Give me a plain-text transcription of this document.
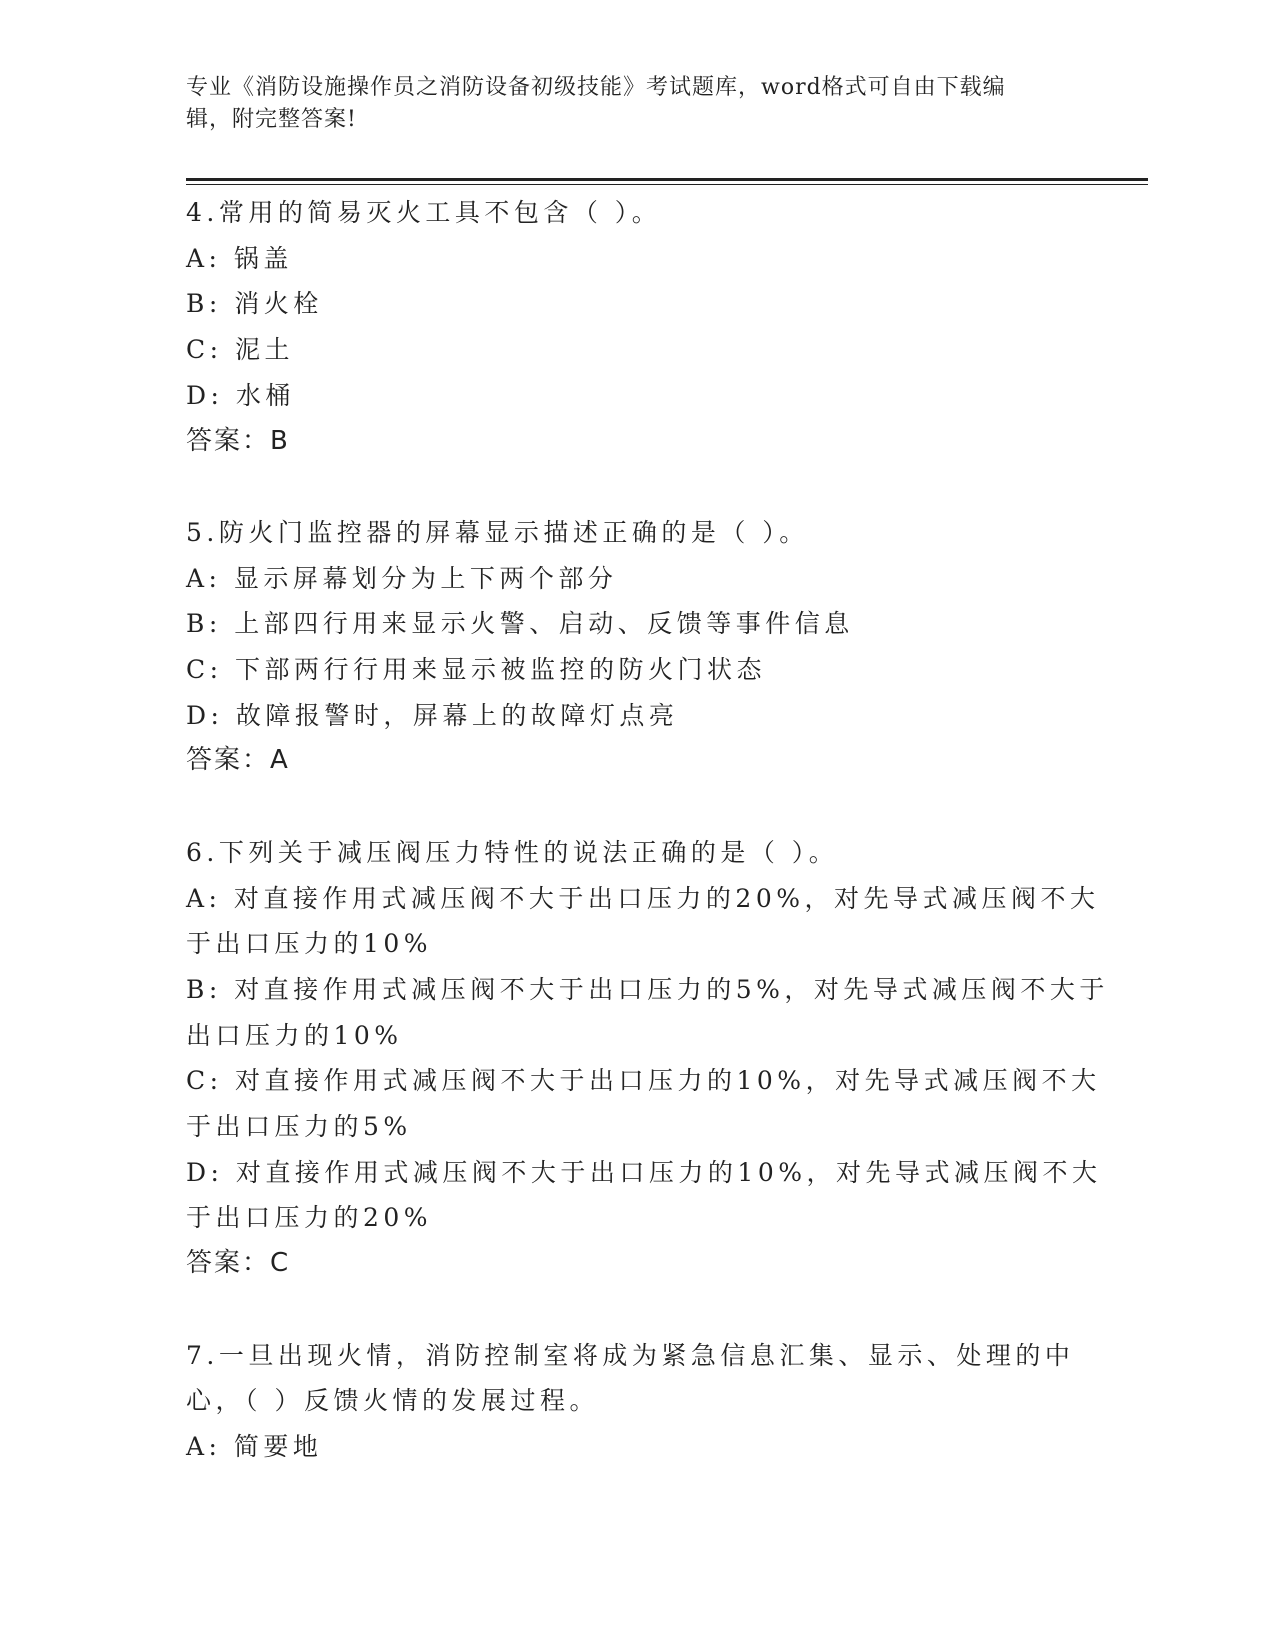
专业《消防设施操作员之消防设备初级技能》考试题库，word格式可自由下载编
辑，附完整答案!
4.常用的简易灭火工具不包含（ ）。
A: 锅盖
B: 消火栓
C: 泥土
D: 水桶
答案：B
5.防火门监控器的屏幕显示描述正确的是（ ）。
A: 显示屏幕划分为上下两个部分
B: 上部四行用来显示火警、启动、反馈等事件信息
C: 下部两行行用来显示被监控的防火门状态
D: 故障报警时，屏幕上的故障灯点亮
答案：A
6.下列关于减压阀压力特性的说法正确的是（ ）。
A: 对直接作用式减压阀不大于出口压力的20%，对先导式减压阀不大
于出口压力的10%
B: 对直接作用式减压阀不大于出口压力的5%，对先导式减压阀不大于
出口压力的10%
C: 对直接作用式减压阀不大于出口压力的10%，对先导式减压阀不大
于出口压力的5%
D: 对直接作用式减压阀不大于出口压力的10%，对先导式减压阀不大
于出口压力的20%
答案：C
7.一旦出现火情，消防控制室将成为紧急信息汇集、显示、处理的中
心，（ ）反馈火情的发展过程。
A: 简要地
